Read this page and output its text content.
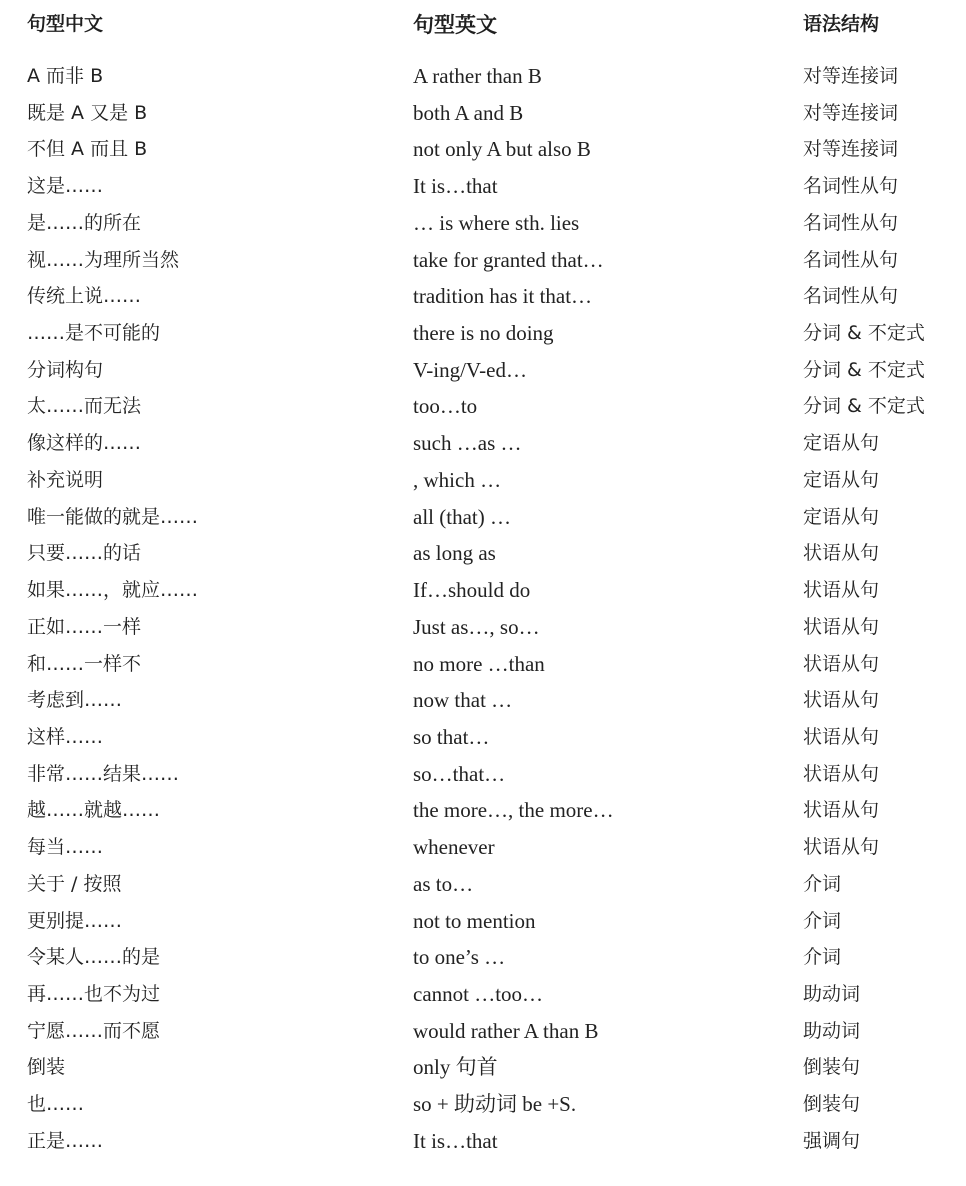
句型中文	句型英文	语法结构
A 而非 B	A rather than B	对等连接词
既是 A 又是 B	both A and B	对等连接词
不但 A 而且 B	not only A but also B	对等连接词
这是……	It is…that	名词性从句
是……的所在	… is where sth. lies	名词性从句
视……为理所当然	take for granted that…	名词性从句
传统上说……	tradition has it that…	名词性从句
……是不可能的	there is no doing	分词 & 不定式
分词构句	V-ing/V-ed…	分词 & 不定式
太……而无法	too…to	分词 & 不定式
像这样的……	such …as …	定语从句
补充说明	, which …	定语从句
唯一能做的就是……	all (that) …	定语从句
只要……的话	as long as	状语从句
如果……，就应……	If…should do	状语从句
正如……一样	Just as…, so…	状语从句
和……一样不	no more …than	状语从句
考虑到……	now that …	状语从句
这样……	so that…	状语从句
非常……结果……	so…that…	状语从句
越……就越……	the more…, the more…	状语从句
每当……	whenever	状语从句
关于 / 按照	as to…	介词
更别提……	not to mention	介词
令某人……的是	to one’s …	介词
再……也不为过	cannot …too…	助动词
宁愿……而不愿	would rather A than B	助动词
倒装	only 句首	倒装句
也……	so + 助动词 be +S.	倒装句
正是……	It is…that	强调句
